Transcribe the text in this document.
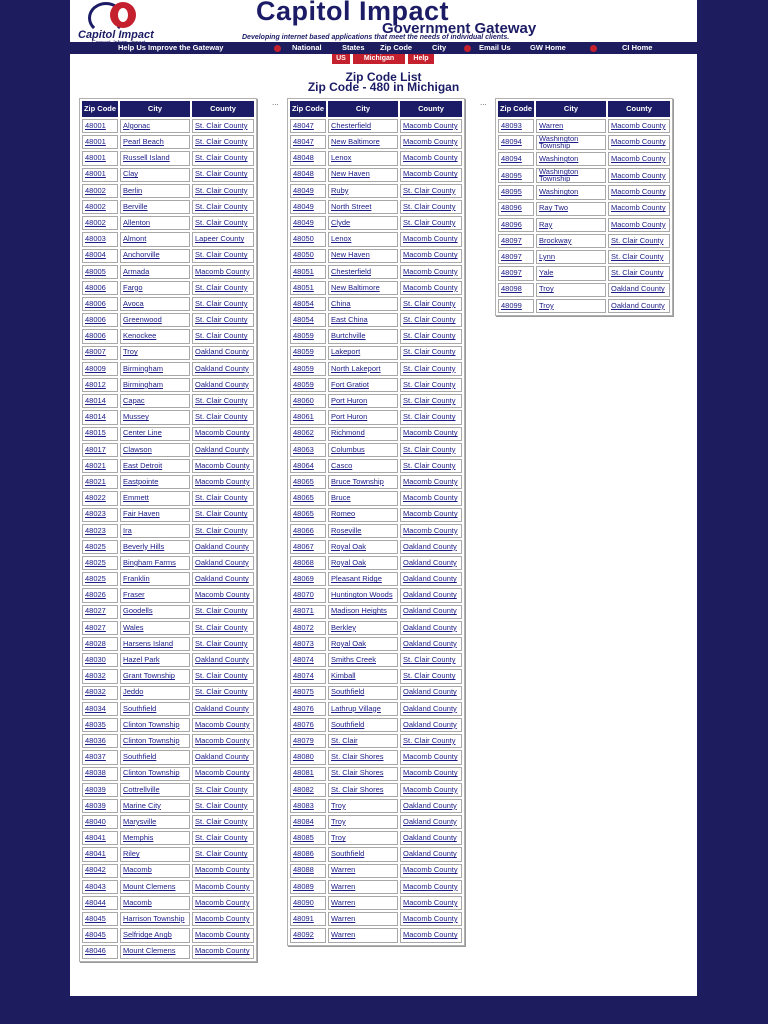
Capitol Impact
Capitol Impact
Government Gateway
Developing internet based applications that meet the needs of individual clients.
Help Us Improve the Gateway	National	States Zip Code	City	Email Us	GW Home	CI Home
US	Michigan	Help
Zip Code List
Zip Code - 480 in Michigan
...	...
Zip Code	City	County
48001	Algonac	St. Clair County
48001	Pearl Beach	St. Clair County
48001	Russell Island	St. Clair County
48001	Clay	St. Clair County
48002	Berlin	St. Clair County
48002	Berville	St. Clair County
48002	Allenton	St. Clair County
48003	Almont	Lapeer County
48004	Anchorville	St. Clair County
48005	Armada	Macomb County
48006	Fargo	St. Clair County
48006	Avoca	St. Clair County
48006	Greenwood	St. Clair County
48006	Kenockee	St. Clair County
48007	Troy	Oakland County
48009	Birmingham	Oakland County
48012	Birmingham	Oakland County
48014	Capac	St. Clair County
48014	Mussey	St. Clair County
48015	Center Line	Macomb County
48017	Clawson	Oakland County
48021	East Detroit	Macomb County
48021	Eastpointe	Macomb County
48022	Emmett	St. Clair County
48023	Fair Haven	St. Clair County
48023	Ira	St. Clair County
48025	Beverly Hills	Oakland County
48025	Bingham Farms	Oakland County
48025	Franklin	Oakland County
48026	Fraser	Macomb County
48027	Goodells	St. Clair County
48027	Wales	St. Clair County
48028	Harsens Island	St. Clair County
48030	Hazel Park	Oakland County
48032	Grant Township	St. Clair County
48032	Jeddo	St. Clair County
48034	Southfield	Oakland County
48035	Clinton Township	Macomb County
48036	Clinton Township	Macomb County
48037	Southfield	Oakland County
48038	Clinton Township	Macomb County
48039	Cottrellville	St. Clair County
48039	Marine City	St. Clair County
48040	Marysville	St. Clair County
48041	Memphis	St. Clair County
48041	Riley	St. Clair County
48042	Macomb	Macomb County
48043	Mount Clemens	Macomb County
48044	Macomb	Macomb County
48045	Harrison Township	Macomb County
48045	Selfridge Angb	Macomb County
48046	Mount Clemens	Macomb County
Zip Code	City	County
48047	Chesterfield	Macomb County
48047	New Baltimore	Macomb County
48048	Lenox	Macomb County
48048	New Haven	Macomb County
48049	Ruby	St. Clair County
48049	North Street	St. Clair County
48049	Clyde	St. Clair County
48050	Lenox	Macomb County
48050	New Haven	Macomb County
48051	Chesterfield	Macomb County
48051	New Baltimore	Macomb County
48054	China	St. Clair County
48054	East China	St. Clair County
48059	Burtchville	St. Clair County
48059	Lakeport	St. Clair County
48059	North Lakeport	St. Clair County
48059	Fort Gratiot	St. Clair County
48060	Port Huron	St. Clair County
48061	Port Huron	St. Clair County
48062	Richmond	Macomb County
48063	Columbus	St. Clair County
48064	Casco	St. Clair County
48065	Bruce Township	Macomb County
48065	Bruce	Macomb County
48065	Romeo	Macomb County
48066	Roseville	Macomb County
48067	Royal Oak	Oakland County
48068	Royal Oak	Oakland County
48069	Pleasant Ridge	Oakland County
48070	Huntington Woods	Oakland County
48071	Madison Heights	Oakland County
48072	Berkley	Oakland County
48073	Royal Oak	Oakland County
48074	Smiths Creek	St. Clair County
48074	Kimball	St. Clair County
48075	Southfield	Oakland County
48076	Lathrup Village	Oakland County
48076	Southfield	Oakland County
48079	St. Clair	St. Clair County
48080	St. Clair Shores	Macomb County
48081	St. Clair Shores	Macomb County
48082	St. Clair Shores	Macomb County
48083	Troy	Oakland County
48084	Troy	Oakland County
48085	Troy	Oakland County
48086	Southfield	Oakland County
48088	Warren	Macomb County
48089	Warren	Macomb County
48090	Warren	Macomb County
48091	Warren	Macomb County
48092	Warren	Macomb County
Zip Code	City	County
48093	Warren	Macomb County
48094	Washington Township	Macomb County
48094	Washington	Macomb County
48095	Washington Township	Macomb County
48095	Washington	Macomb County
48096	Ray Two	Macomb County
48096	Ray	Macomb County
48097	Brockway	St. Clair County
48097	Lynn	St. Clair County
48097	Yale	St. Clair County
48098	Troy	Oakland County
48099	Troy	Oakland County
